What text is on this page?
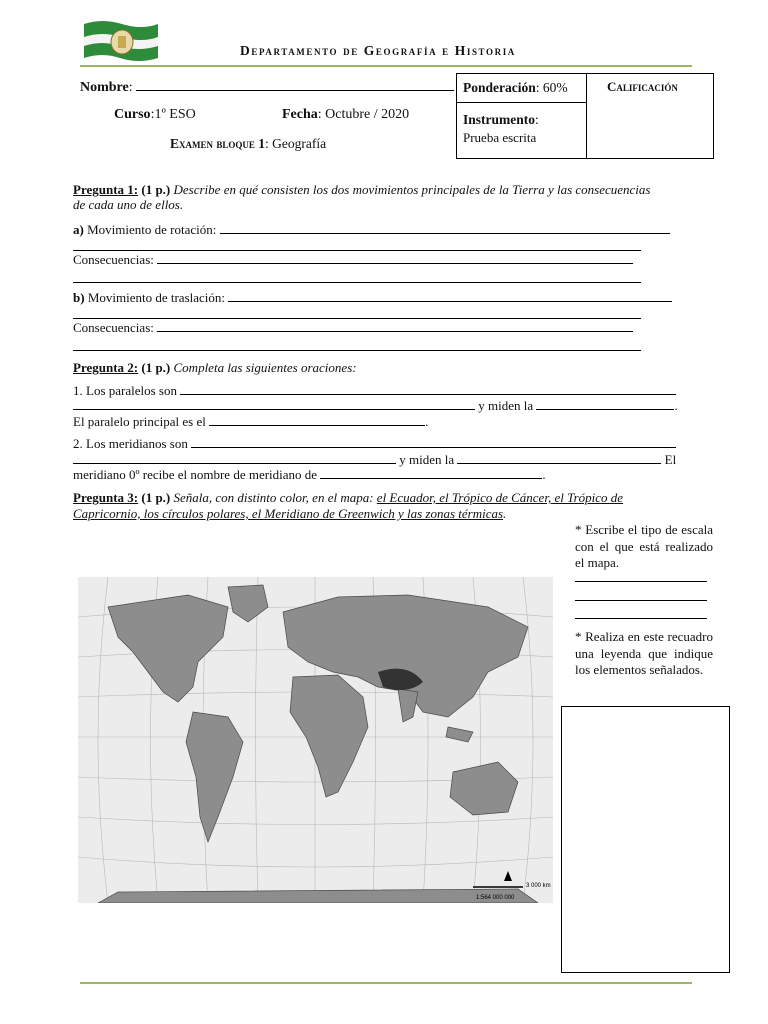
Departamento de Geografía e Historia
Nombre:
Curso:1º ESO	Fecha: Octubre / 2020
Examen bloque 1: Geografía
Ponderación: 60%
Instrumento:
Prueba escrita
Calificación
Pregunta 1: (1 p.) Describe en qué consisten los dos movimientos principales de la Tierra y las consecuencias
de cada uno de ellos.
a) Movimiento de rotación:
Consecuencias:
b) Movimiento de traslación:
Consecuencias:
Pregunta 2: (1 p.) Completa las siguientes oraciones:
1. Los paralelos son
y miden la	.
El paralelo principal es el	.
2. Los meridianos son
y miden la	El
meridiano 0º recibe el nombre de meridiano de	.
Pregunta 3: (1 p.) Señala, con distinto color, en el mapa: el Ecuador, el Trópico de Cáncer, el Trópico de
Capricornio, los círculos polares, el Meridiano de Greenwich y las zonas térmicas.
1:564 000 000
3 000 km
* Escribe el tipo de escala con el que está realizado el mapa.
* Realiza en este recuadro una leyenda que indique los elementos señalados.
